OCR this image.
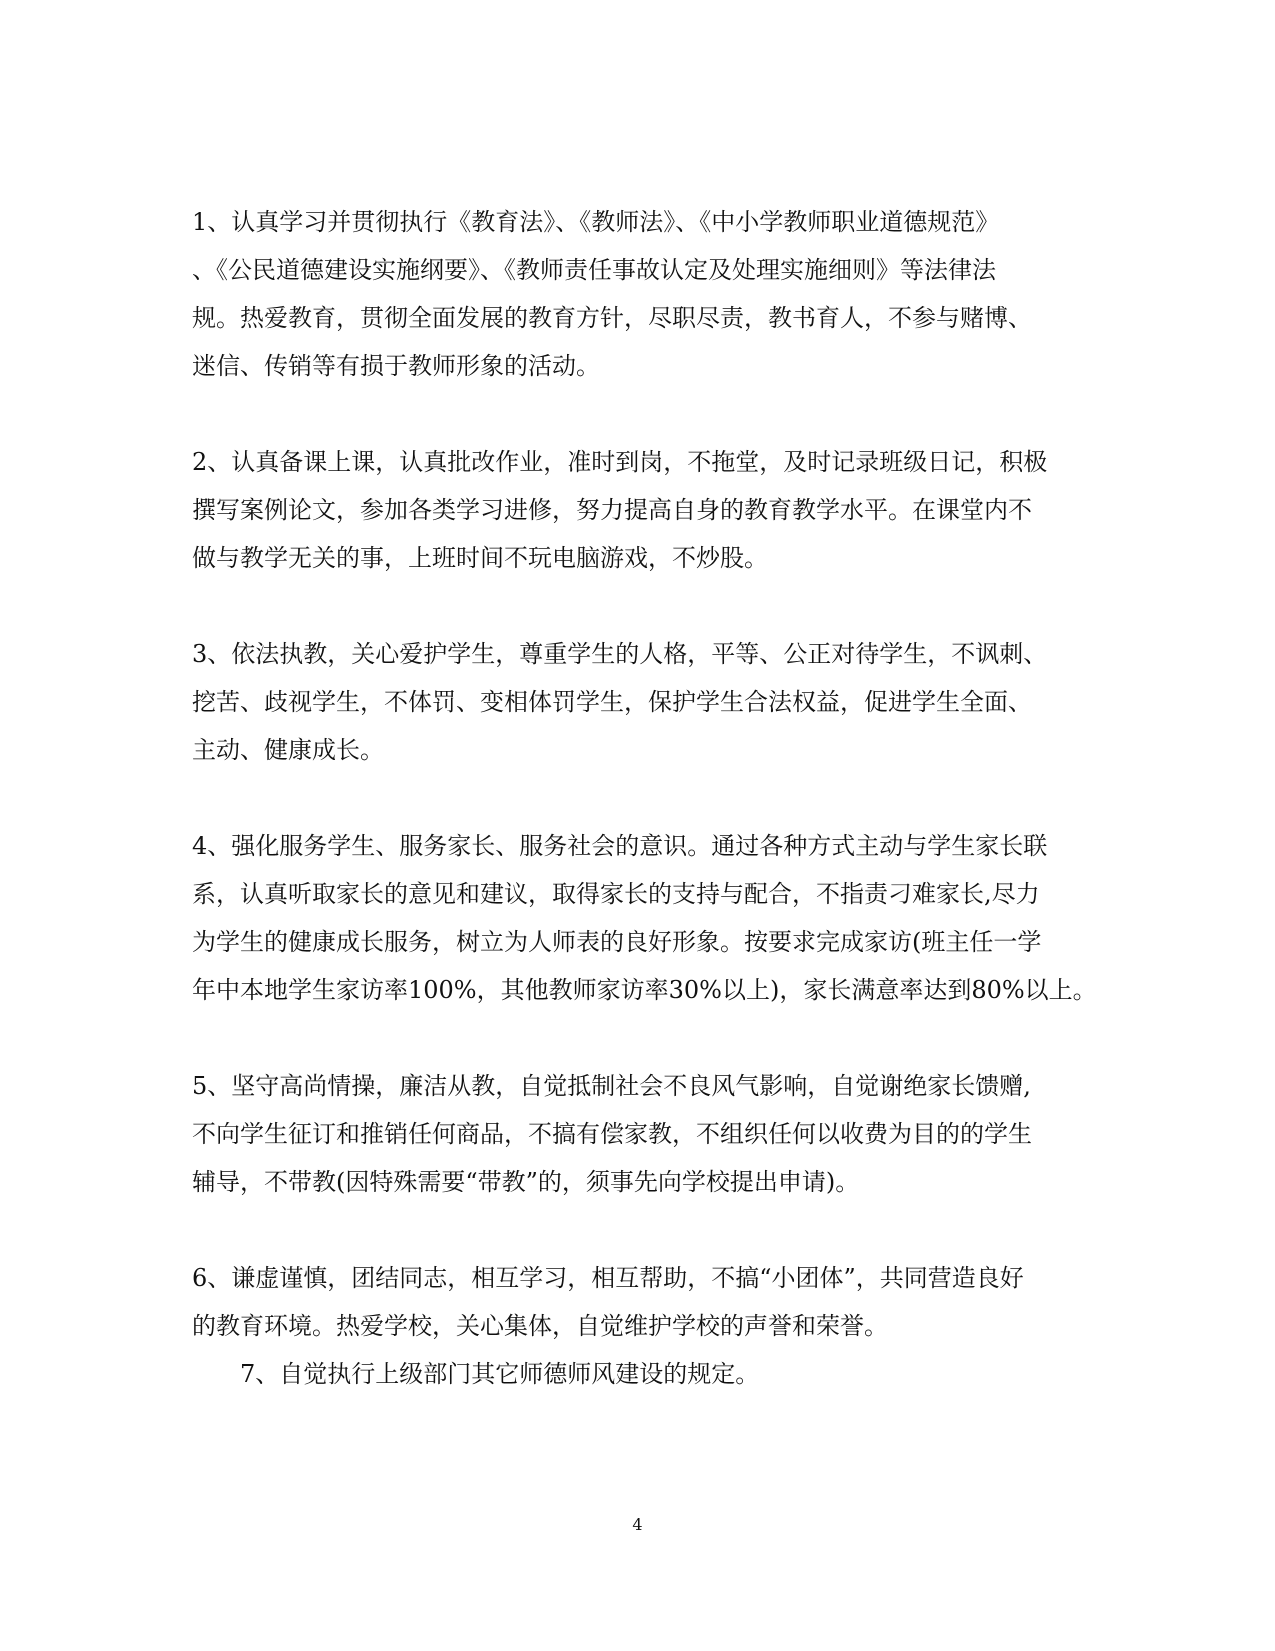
1、认真学习并贯彻执行《教育法》、《教师法》、《中小学教师职业道德规范》
、《公民道德建设实施纲要》、《教师责任事故认定及处理实施细则》等法律法
规。热爱教育，贯彻全面发展的教育方针，尽职尽责，教书育人，不参与赌博、
迷信、传销等有损于教师形象的活动。
2、认真备课上课，认真批改作业，准时到岗，不拖堂，及时记录班级日记，积极
撰写案例论文，参加各类学习进修，努力提高自身的教育教学水平。在课堂内不
做与教学无关的事，上班时间不玩电脑游戏，不炒股。
3、依法执教，关心爱护学生，尊重学生的人格，平等、公正对待学生，不讽刺、
挖苦、歧视学生，不体罚、变相体罚学生，保护学生合法权益，促进学生全面、
主动、健康成长。
4、强化服务学生、服务家长、服务社会的意识。通过各种方式主动与学生家长联
系，认真听取家长的意见和建议，取得家长的支持与配合，不指责刁难家长,尽力
为学生的健康成长服务，树立为人师表的良好形象。按要求完成家访(班主任一学
年中本地学生家访率100%，其他教师家访率30%以上)，家长满意率达到80%以上。
5、坚守高尚情操，廉洁从教，自觉抵制社会不良风气影响，自觉谢绝家长馈赠,
不向学生征订和推销任何商品，不搞有偿家教，不组织任何以收费为目的的学生
辅导，不带教(因特殊需要“带教”的，须事先向学校提出申请)。
6、谦虚谨慎，团结同志，相互学习，相互帮助，不搞“小团体”，共同营造良好
的教育环境。热爱学校，关心集体，自觉维护学校的声誉和荣誉。
7、自觉执行上级部门其它师德师风建设的规定。
4
